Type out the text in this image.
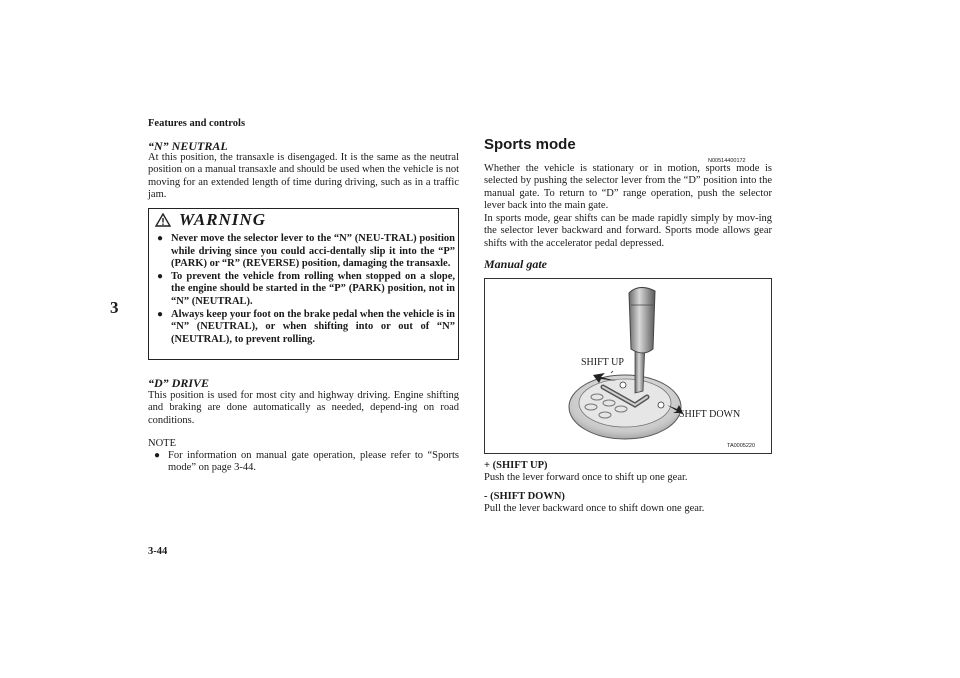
Features and controls
3
“N” NEUTRAL
At this position, the transaxle is disengaged. It is the same as the neutral position on a manual transaxle and should be used when the vehicle is not moving for an extended length of time during driving, such as in a traffic jam.
WARNING
● Never move the selector lever to the “N” (NEU-TRAL) position while driving since you could acci-dentally slip it into the “P” (PARK) or “R” (REVERSE) position, damaging the transaxle.
● To prevent the vehicle from rolling when stopped on a slope, the engine should be started in the “P” (PARK) position, not in “N” (NEUTRAL).
● Always keep your foot on the brake pedal when the vehicle is in “N” (NEUTRAL), or when shifting into or out of “N” (NEUTRAL), to prevent rolling.
“D” DRIVE
This position is used for most city and highway driving. Engine shifting and braking are done automatically as needed, depend-ing on road conditions.
NOTE
● For information on manual gate operation, please refer to “Sports mode” on page 3-44.
Sports mode
N00514400172
Whether the vehicle is stationary or in motion, sports mode is selected by pushing the selector lever from the “D” position into the manual gate. To return to “D” range operation, push the selector lever back into the main gate.
In sports mode, gear shifts can be made rapidly simply by mov-ing the selector lever backward and forward. Sports mode allows gear shifts with the accelerator pedal depressed.
Manual gate
SHIFT UP
SHIFT DOWN
TA0005220
+ (SHIFT UP)
Push the lever forward once to shift up one gear.
- (SHIFT DOWN)
Pull the lever backward once to shift down one gear.
3-44
